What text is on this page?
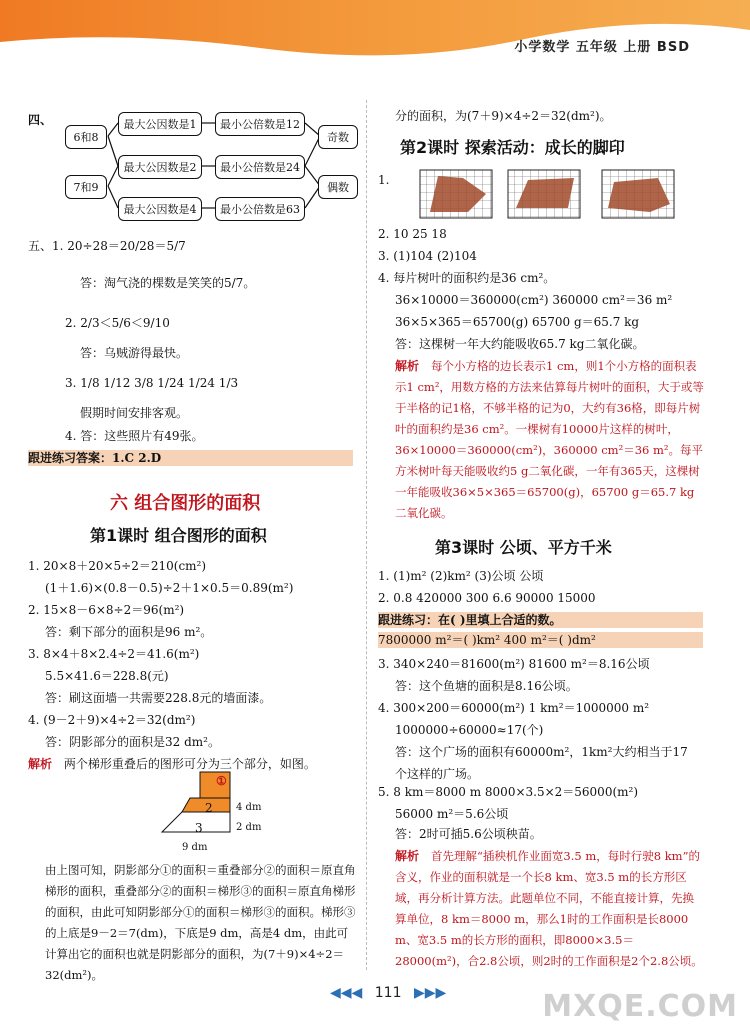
小学数学 五年级 上册 BSD
四、
6和8
7和9
最大公因数是1
最大公因数是2
最大公因数是4
最小公倍数是12
最小公倍数是24
最小公倍数是63
奇数
偶数
五、1. 20÷28＝20/28＝5/7
答：淘气浇的棵数是笑笑的5/7。
2. 2/3＜5/6＜9/10
答：乌贼游得最快。
3. 1/8 1/12 3/8 1/24 1/24 1/3
假期时间安排客观。
4. 答：这些照片有49张。
跟进练习答案：1.C 2.D
六 组合图形的面积
第1课时 组合图形的面积
1. 20×8＋20×5÷2＝210(cm²)
(1＋1.6)×(0.8－0.5)÷2＋1×0.5＝0.89(m²)
2. 15×8－6×8÷2＝96(m²)
答：剩下部分的面积是96 m²。
3. 8×4＋8×2.4÷2＝41.6(m²)
5.5×41.6＝228.8(元)
答：刷这面墙一共需要228.8元的墙面漆。
4. (9－2＋9)×4÷2＝32(dm²)
答：阴影部分的面积是32 dm²。
解析 两个梯形重叠后的图形可分为三个部分，如图。
①
2
3
4 dm
2 dm
9 dm
由上图可知，阴影部分①的面积＝重叠部分②的面积＝原直角梯形的面积，重叠部分②的面积＝梯形③的面积＝原直角梯形的面积，由此可知阴影部分①的面积＝梯形③的面积。梯形③的上底是9－2＝7(dm)，下底是9 dm，高是4 dm，由此可计算出它的面积也就是阴影部分的面积，为(7＋9)×4÷2＝32(dm²)。
分的面积，为(7＋9)×4÷2＝32(dm²)。
第2课时 探索活动：成长的脚印
1.
2. 10 25 18
3. (1)104 (2)104
4. 每片树叶的面积约是36 cm²。
36×10000＝360000(cm²) 360000 cm²＝36 m²
36×5×365＝65700(g) 65700 g＝65.7 kg
答：这棵树一年大约能吸收65.7 kg二氧化碳。
解析	每个小方格的边长表示1 cm，则1个小方格的面积表示1 cm²，用数方格的方法来估算每片树叶的面积，大于或等于半格的记1格，不够半格的记为0，大约有36格，即每片树叶的面积约是36 cm²。一棵树有10000片这样的树叶，36×10000＝360000(cm²)，360000 cm²＝36 m²。每平方米树叶每天能吸收约5 g二氧化碳，一年有365天，这棵树一年能吸收36×5×365＝65700(g)，65700 g＝65.7 kg二氧化碳。
第3课时 公顷、平方千米
1. (1)m² (2)km² (3)公顷 公顷
2. 0.8 420000 300 6.6 90000 15000
跟进练习：在( )里填上合适的数。
7800000 m²＝( )km² 400 m²＝( )dm²
3. 340×240＝81600(m²) 81600 m²＝8.16公顷
答：这个鱼塘的面积是8.16公顷。
4. 300×200＝60000(m²) 1 km²＝1000000 m²
1000000÷60000≈17(个)
答：这个广场的面积有60000m²，1km²大约相当于17
个这样的广场。
5. 8 km＝8000 m 8000×3.5×2＝56000(m²)
56000 m²＝5.6公顷
答：2时可插5.6公顷秧苗。
解析	首先理解“插秧机作业面宽3.5 m，每时行驶8 km”的含义，作业的面积就是一个长8 km、宽3.5 m的长方形区域，再分析计算方法。此题单位不同，不能直接计算，先换算单位，8 km＝8000 m，那么1时的工作面积是长8000 m、宽3.5 m的长方形的面积，即8000×3.5＝28000(m²)，合2.8公顷，则2时的工作面积是2个2.8公顷。
◀◀◀ 111 ▶▶▶	MXQE.COM
